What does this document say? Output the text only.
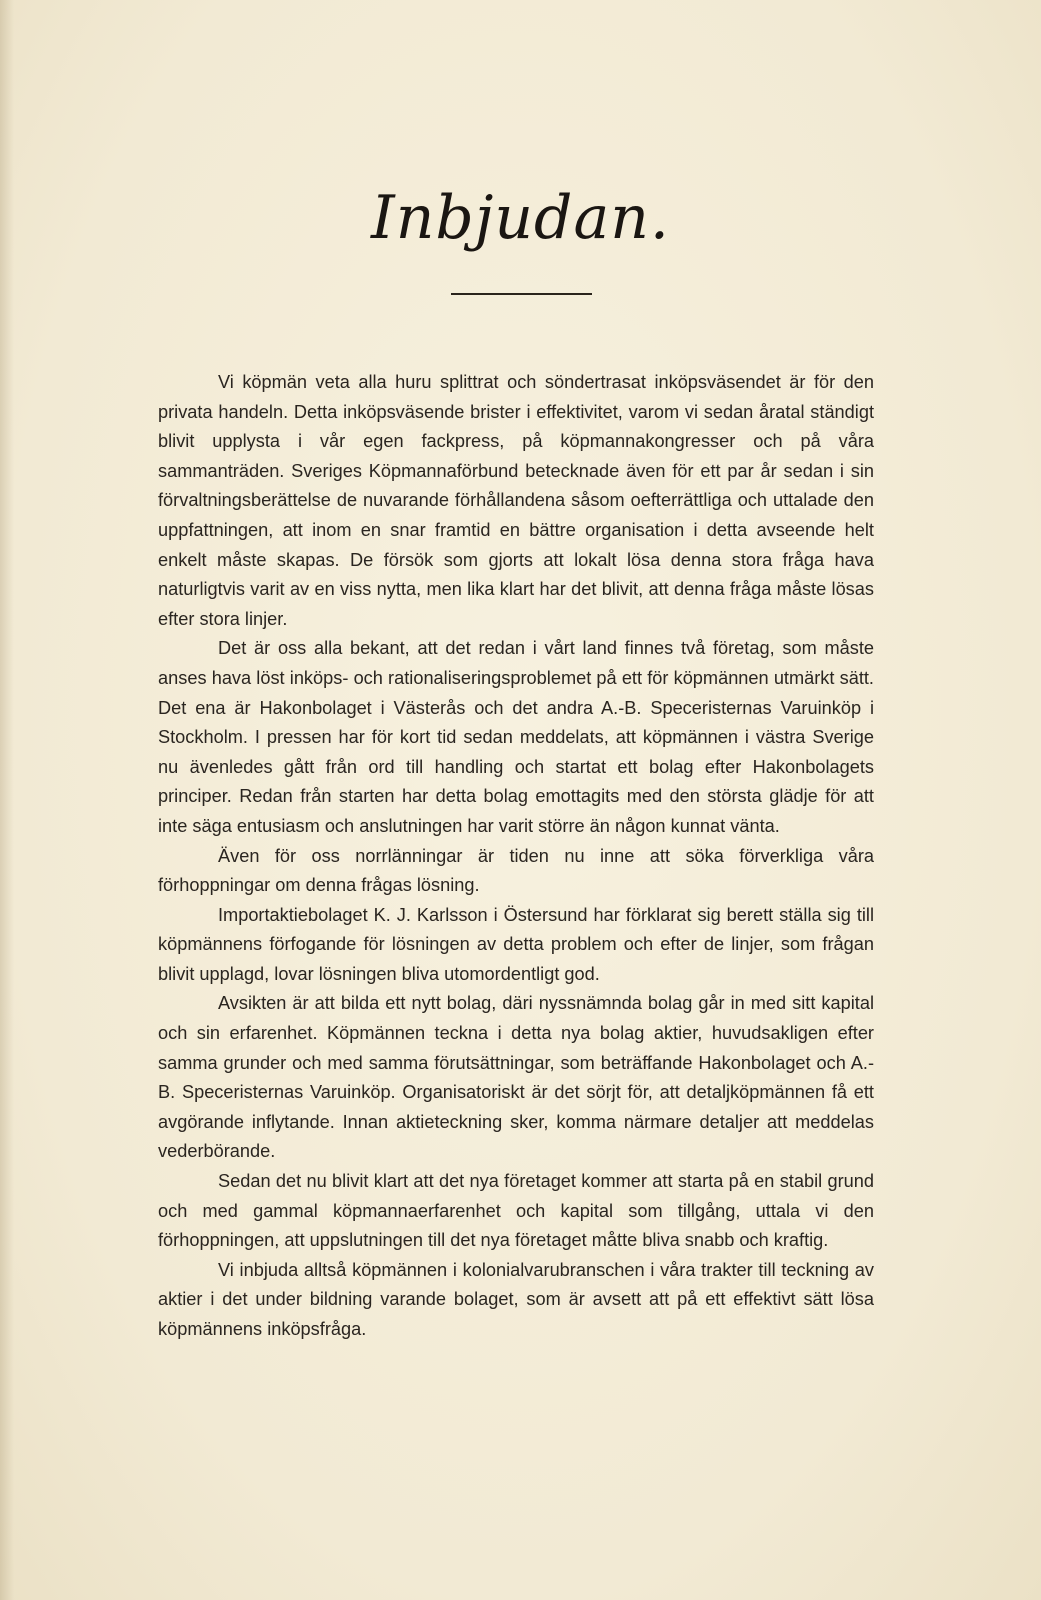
Inbjudan.

Vi köpmän veta alla huru splittrat och söndertrasat inköpsväsendet är för den privata handeln. Detta inköpsväsende brister i effektivitet, varom vi sedan åratal ständigt blivit upplysta i vår egen fackpress, på köpmannakongresser och på våra sammanträden. Sveriges Köpmannaförbund betecknade även för ett par år sedan i sin förvaltningsberättelse de nuvarande förhållandena såsom oefterrättliga och uttalade den uppfattningen, att inom en snar framtid en bättre organisation i detta avseende helt enkelt måste skapas. De försök som gjorts att lokalt lösa denna stora fråga hava naturligtvis varit av en viss nytta, men lika klart har det blivit, att denna fråga måste lösas efter stora linjer.

Det är oss alla bekant, att det redan i vårt land finnes två företag, som måste anses hava löst inköps- och rationaliseringsproblemet på ett för köpmännen utmärkt sätt. Det ena är Hakonbolaget i Västerås och det andra A.-B. Speceristernas Varuinköp i Stockholm. I pressen har för kort tid sedan meddelats, att köpmännen i västra Sverige nu ävenledes gått från ord till handling och startat ett bolag efter Hakonbolagets principer. Redan från starten har detta bolag emottagits med den största glädje för att inte säga entusiasm och anslutningen har varit större än någon kunnat vänta.

Även för oss norrlänningar är tiden nu inne att söka förverkliga våra förhoppningar om denna frågas lösning.

Importaktiebolaget K. J. Karlsson i Östersund har förklarat sig berett ställa sig till köpmännens förfogande för lösningen av detta problem och efter de linjer, som frågan blivit upplagd, lovar lösningen bliva utomordentligt god.

Avsikten är att bilda ett nytt bolag, däri nyssnämnda bolag går in med sitt kapital och sin erfarenhet. Köpmännen teckna i detta nya bolag aktier, huvudsakligen efter samma grunder och med samma förutsättningar, som beträffande Hakonbolaget och A.-B. Speceristernas Varuinköp. Organisatoriskt är det sörjt för, att detaljköpmännen få ett avgörande inflytande. Innan aktieteckning sker, komma närmare detaljer att meddelas vederbörande.

Sedan det nu blivit klart att det nya företaget kommer att starta på en stabil grund och med gammal köpmannaerfarenhet och kapital som tillgång, uttala vi den förhoppningen, att uppslutningen till det nya företaget måtte bliva snabb och kraftig.

Vi inbjuda alltså köpmännen i kolonialvarubranschen i våra trakter till teckning av aktier i det under bildning varande bolaget, som är avsett att på ett effektivt sätt lösa köpmännens inköpsfråga.
